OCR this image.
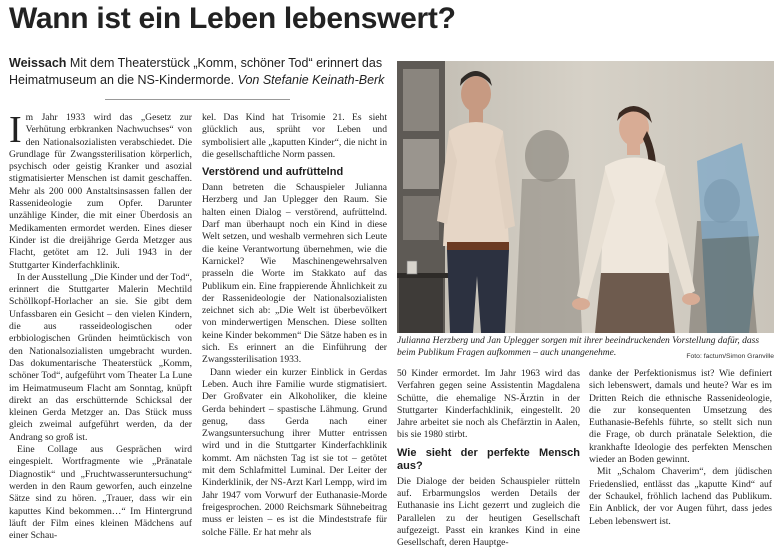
Wann ist ein Leben lebenswert?
Weissach Mit dem Theaterstück „Komm, schöner Tod“ erinnert das Heimatmuseum an die NS-Kindermorde. Von Stefanie Keinath-Berk
I m Jahr 1933 wird das „Gesetz zur Verhütung erbkranken Nachwuchses“ von den Nationalsozialisten verabschiedet. Die Grundlage für Zwangssterilisation körperlich, psychisch oder geistig Kranker und asozial stigmatisierter Menschen ist damit geschaffen. Mehr als 200 000 Anstaltsinsassen fallen der Rassenideologie zum Opfer. Darunter unzählige Kinder, die mit einer Überdosis an Medikamenten ermordet werden. Eines dieser Kinder ist die dreijährige Gerda Metzger aus Flacht, getötet am 12. Juli 1943 in der Stuttgarter Kinderfachklinik.

In der Ausstellung „Die Kinder und der Tod“, erinnert die Stuttgarter Malerin Mechtild Schöllkopf-Horlacher an sie. Sie gibt dem Unfassbaren ein Gesicht – den vielen Kindern, die aus rasseideologischen oder erbbiologischen Gründen heimtückisch von den Nationalsozialisten umgebracht wurden. Das dokumentarische Theaterstück „Komm, schöner Tod“, aufgeführt vom Theater La Lune im Heimatmuseum Flacht am Sonntag, knüpft direkt an das erschütternde Schicksal der kleinen Gerda Metzger an. Das Stück muss gleich zweimal aufgeführt werden, da der Andrang so groß ist.

Eine Collage aus Gesprächen wird eingespielt. Wortfragmente wie „Pränatale Diagnostik“ und „Fruchtwasseruntersuchung“ werden in den Raum geworfen, auch einzelne Sätze sind zu hören. „Trauer, dass wir ein kaputtes Kind bekommen…“ Im Hintergrund läuft der Film eines kleinen Mädchens auf einer Schau-

kel. Das Kind hat Trisomie 21. Es sieht glücklich aus, sprüht vor Leben und symbolisiert alle „kaputten Kinder“, die nicht in die gesellschaftliche Norm passen.

Verstörend und aufrüttelnd

Dann betreten die Schauspieler Julianna Herzberg und Jan Uplegger den Raum. Sie halten einen Dialog – verstörend, aufrüttelnd. Darf man überhaupt noch ein Kind in diese Welt setzen, und weshalb vermehren sich Leute die keine Verantwortung übernehmen, wie die Karnickel? Wie Maschinengewehrsalven prasseln die Worte im Stakkato auf das Publikum ein. Eine frappierende Ähnlichkeit zu der Rassenideologie der Nationalsozialisten zeichnet sich ab: „Die Welt ist überbevölkert von minderwertigen Menschen. Diese sollten keine Kinder bekommen“ Die Sätze haben es in sich. Es erinnert an die Einführung der Zwangssterilisation 1933.

Dann wieder ein kurzer Einblick in Gerdas Leben. Auch ihre Familie wurde stigmatisiert. Der Großvater ein Alkoholiker, die kleine Gerda behindert – spastische Lähmung. Grund genug, dass Gerda nach einer Zwangsuntersuchung ihrer Mutter entrissen wird und in die Stuttgarter Kinderfachklinik kommt. Am nächsten Tag ist sie tot – getötet mit dem Schlafmittel Luminal. Der Leiter der Kinderklinik, der NS-Arzt Karl Lempp, wird im Jahr 1947 vom Vorwurf der Euthanasie-Morde freigesprochen. 2000 Reichsmark Sühnebeitrag muss er leisten – es ist die Mindeststrafe für solche Fälle. Er hat mehr als

Julianna Herzberg und Jan Uplegger sorgen mit ihrer beeindruckenden Vorstellung dafür, dass beim Publikum Fragen aufkommen – auch unangenehme.	Foto: factum/Simon Granville

50 Kinder ermordet. Im Jahr 1963 wird das Verfahren gegen seine Assistentin Magdalena Schütte, die ehemalige NS-Ärztin in der Stuttgarter Kinderfachklinik, eingestellt. 20 Jahre arbeitet sie noch als Chefärztin in Aalen, bis sie 1980 stirbt.

Wie sieht der perfekte Mensch aus?

Die Dialoge der beiden Schauspieler rütteln auf. Erbarmungslos werden Details der Euthanasie ins Licht gezerrt und zugleich die Parallelen zu der heutigen Gesellschaft aufgezeigt. Passt ein krankes Kind in eine Gesellschaft, deren Hauptge-

danke der Perfektionismus ist? Wie definiert sich lebenswert, damals und heute? War es im Dritten Reich die ethnische Rassenideologie, die zur konsequenten Umsetzung des Euthanasie-Befehls führte, so stellt sich nun die Frage, ob durch pränatale Selektion, die krankhafte Ideologie des perfekten Menschen wieder an Boden gewinnt.

Mit „Schalom Chaverim“, dem jüdischen Friedenslied, entlässt das „kaputte Kind“ auf der Schaukel, fröhlich lachend das Publikum. Ein Anblick, der vor Augen führt, dass jedes Leben lebenswert ist.
